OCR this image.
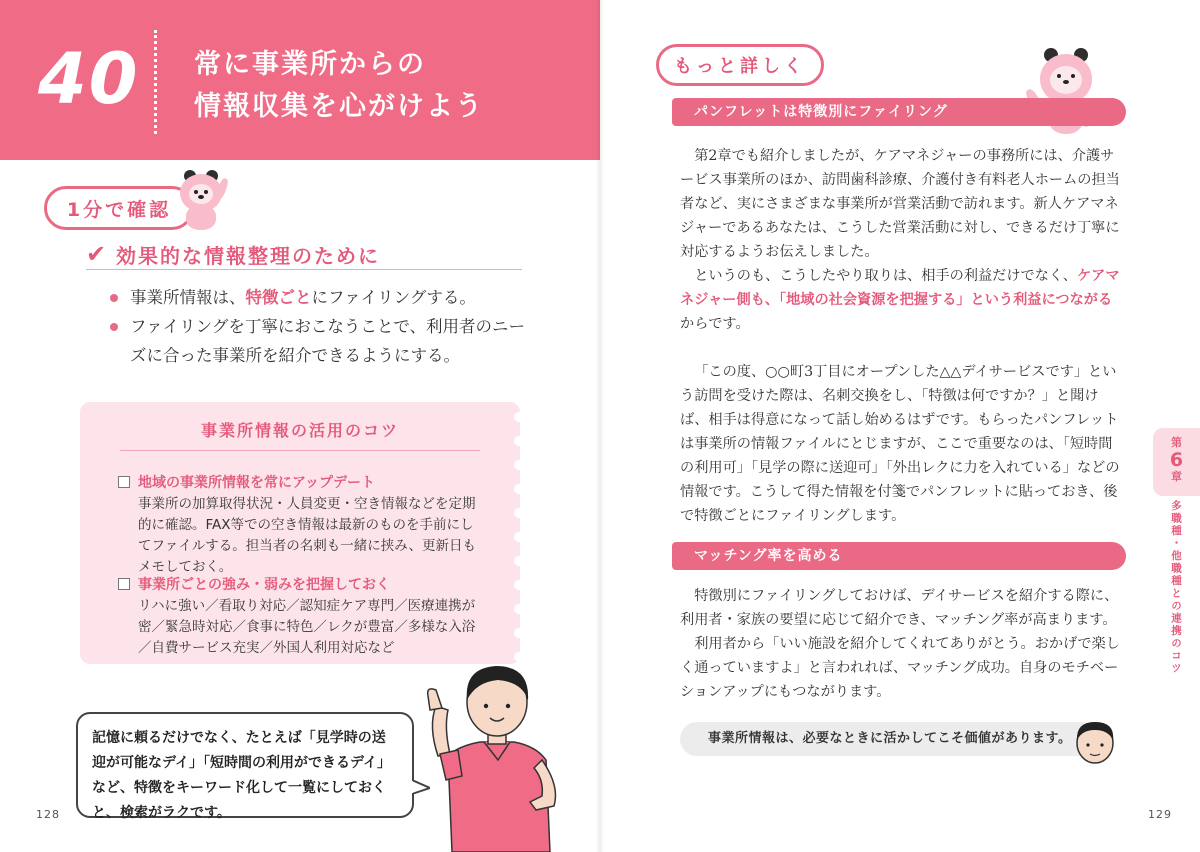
40 常に事業所からの
情報収集を心がけよう
1分で確認
✔ 効果的な情報整理のために
事業所情報は、特徴ごとにファイリングする。
ファイリングを丁寧におこなうことで、利用者のニーズに合った事業所を紹介できるようにする。
事業所情報の活用のコツ
地域の事業所情報を常にアップデート
事業所の加算取得状況・人員変更・空き情報などを定期的に確認。FAX等での空き情報は最新のものを手前にしてファイルする。担当者の名刺も一緒に挟み、更新日もメモしておく。
事業所ごとの強み・弱みを把握しておく
リハに強い／看取り対応／認知症ケア専門／医療連携が密／緊急時対応／食事に特色／レクが豊富／多様な入浴／自費サービス充実／外国人利用対応など
記憶に頼るだけでなく、たとえば「見学時の送迎が可能なデイ」「短時間の利用ができるデイ」など、特徴をキーワード化して一覧にしておくと、検索がラクです。
128
もっと詳しく
パンフレットは特徴別にファイリング

第2章でも紹介しましたが、ケアマネジャーの事務所には、介護サービス事業所のほか、訪問歯科診療、介護付き有料老人ホームの担当者など、実にさまざまな事業所が営業活動で訪れます。新人ケアマネジャーであるあなたは、こうした営業活動に対し、できるだけ丁寧に対応するようお伝えしました。

というのも、こうしたやり取りは、相手の利益だけでなく、ケアマネジャー側も、「地域の社会資源を把握する」という利益につながるからです。

「この度、○○町3丁目にオープンした△△デイサービスです」という訪問を受けた際は、名刺交換をし、「特徴は何ですか？」と聞けば、相手は得意になって話し始めるはずです。もらったパンフレットは事業所の情報ファイルにとじますが、ここで重要なのは、「短時間の利用可」「見学の際に送迎可」「外出レクに力を入れている」などの情報です。こうして得た情報を付箋でパンフレットに貼っておき、後で特徴ごとにファイリングします。

マッチング率を高める

特徴別にファイリングしておけば、デイサービスを紹介する際に、利用者・家族の要望に応じて紹介でき、マッチング率が高まります。

利用者から「いい施設を紹介してくれてありがとう。おかげで楽しく通っていますよ」と言われれば、マッチング成功。自身のモチベーションアップにもつながります。

事業所情報は、必要なときに活かしてこそ価値があります。
第
6
章
多職種・他職種との連携のコツ
129
